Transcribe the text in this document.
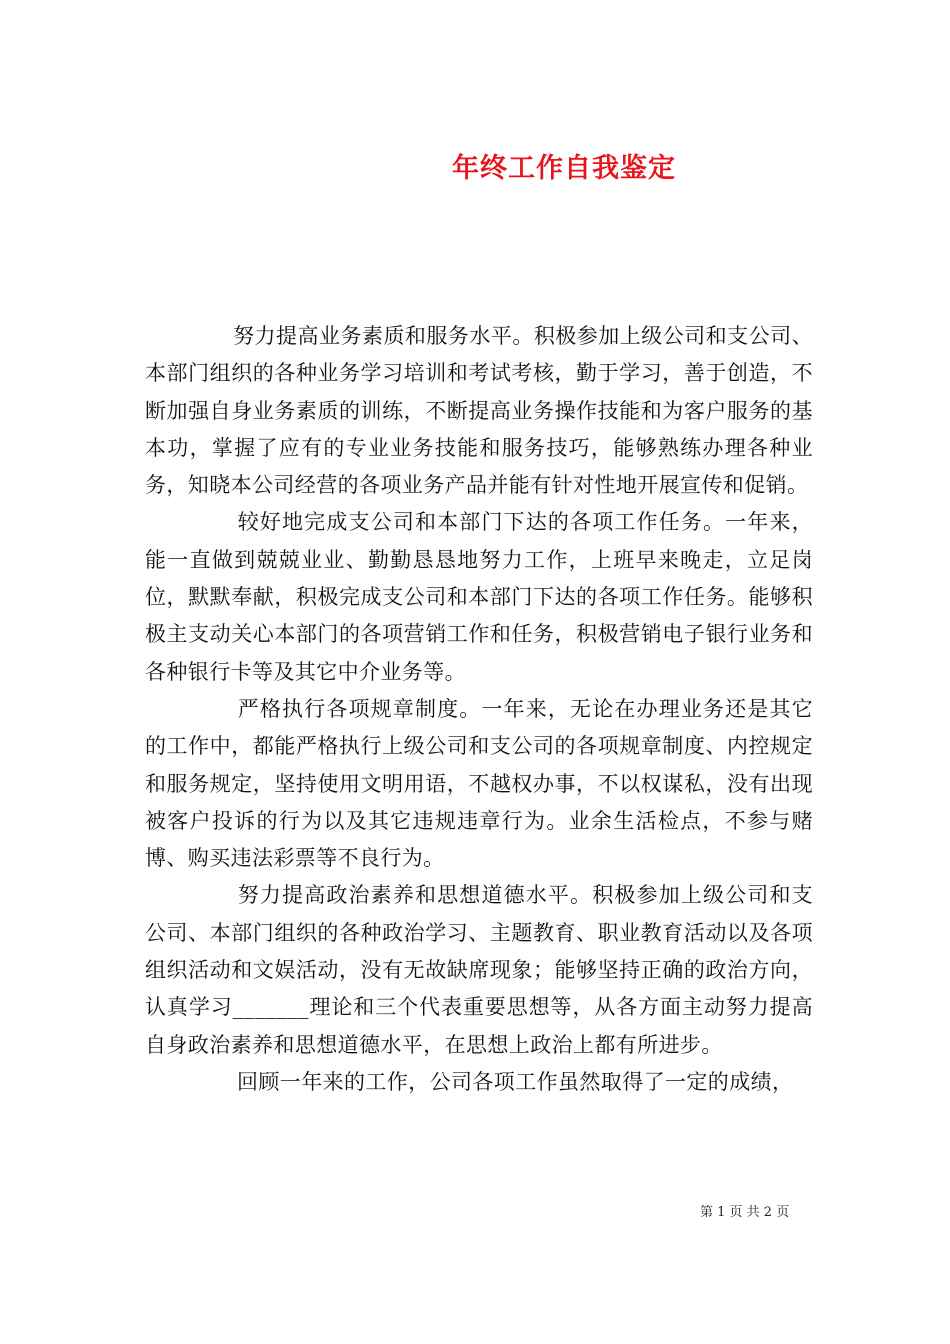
年终工作自我鉴定

努力提高业务素质和服务水平。积极参加上级公司和支公司、本部门组织的各种业务学习培训和考试考核，勤于学习，善于创造，不断加强自身业务素质的训练，不断提高业务操作技能和为客户服务的基本功，掌握了应有的专业业务技能和服务技巧，能够熟练办理各种业务，知晓本公司经营的各项业务产品并能有针对性地开展宣传和促销。

较好地完成支公司和本部门下达的各项工作任务。一年来，能一直做到兢兢业业、勤勤恳恳地努力工作，上班早来晚走，立足岗位，默默奉献，积极完成支公司和本部门下达的各项工作任务。能够积极主支动关心本部门的各项营销工作和任务，积极营销电子银行业务和各种银行卡等及其它中介业务等。

严格执行各项规章制度。一年来，无论在办理业务还是其它的工作中，都能严格执行上级公司和支公司的各项规章制度、内控规定和服务规定，坚持使用文明用语，不越权办事，不以权谋私，没有出现被客户投诉的行为以及其它违规违章行为。业余生活检点，不参与赌博、购买违法彩票等不良行为。

努力提高政治素养和思想道德水平。积极参加上级公司和支公司、本部门组织的各种政治学习、主题教育、职业教育活动以及各项组织活动和文娱活动，没有无故缺席现象；能够坚持正确的政治方向，认真学习_______理论和三个代表重要思想等，从各方面主动努力提高自身政治素养和思想道德水平，在思想上政治上都有所进步。

回顾一年来的工作，公司各项工作虽然取得了一定的成绩，

第 1 页 共 2 页
